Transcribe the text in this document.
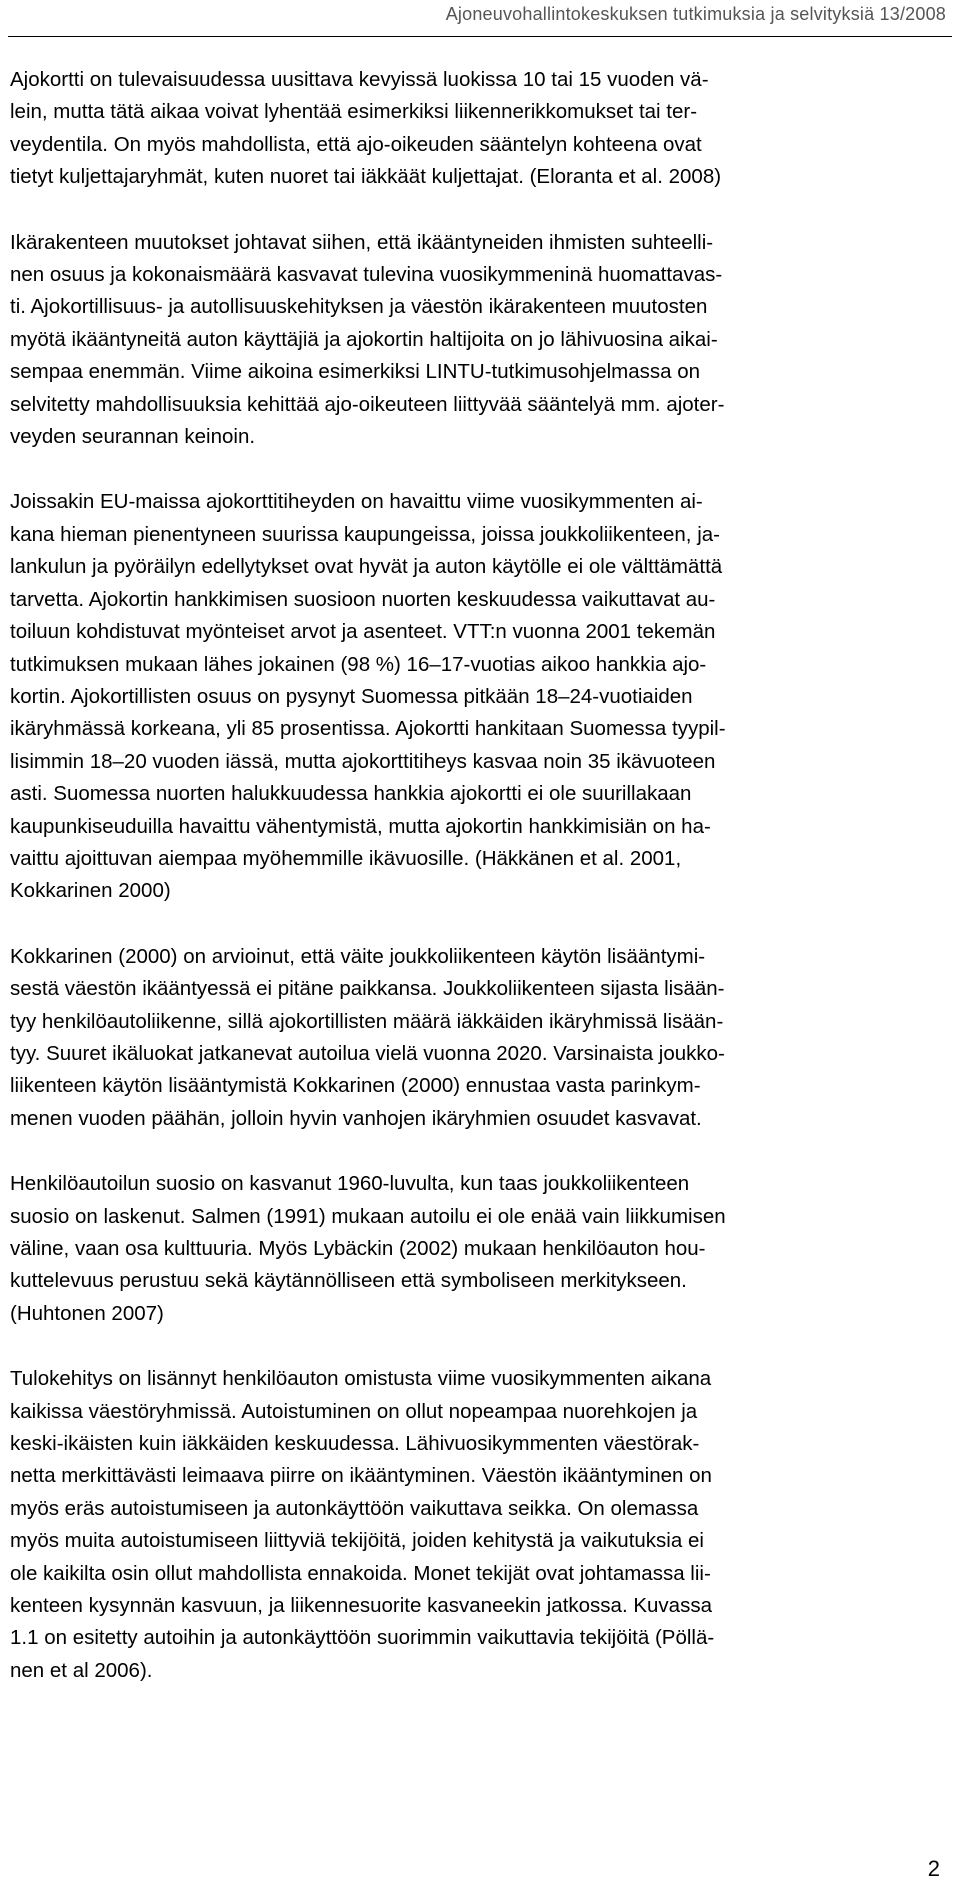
Ajoneuvohallintokeskuksen tutkimuksia ja selvityksiä 13/2008

Ajokortti on tulevaisuudessa uusittava kevyissä luokissa 10 tai 15 vuoden vä-
lein, mutta tätä aikaa voivat lyhentää esimerkiksi liikennerikkomukset tai ter-
veydentila. On myös mahdollista, että ajo-oikeuden sääntelyn kohteena ovat
tietyt kuljettajaryhmät, kuten nuoret tai iäkkäät kuljettajat. (Eloranta et al. 2008)

Ikärakenteen muutokset johtavat siihen, että ikääntyneiden ihmisten suhteelli-
nen osuus ja kokonaismäärä kasvavat tulevina vuosikymmeninä huomattavas-
ti. Ajokortillisuus- ja autollisuuskehityksen ja väestön ikärakenteen muutosten
myötä ikääntyneitä auton käyttäjiä ja ajokortin haltijoita on jo lähivuosina aikai-
sempaa enemmän. Viime aikoina esimerkiksi LINTU-tutkimusohjelmassa on
selvitetty mahdollisuuksia kehittää ajo-oikeuteen liittyvää sääntelyä mm. ajoter-
veyden seurannan keinoin.

Joissakin EU-maissa ajokorttitiheyden on havaittu viime vuosikymmenten ai-
kana hieman pienentyneen suurissa kaupungeissa, joissa joukkoliikenteen, ja-
lankulun ja pyöräilyn edellytykset ovat hyvät ja auton käytölle ei ole välttämättä
tarvetta. Ajokortin hankkimisen suosioon nuorten keskuudessa vaikuttavat au-
toiluun kohdistuvat myönteiset arvot ja asenteet. VTT:n vuonna 2001 tekemän
tutkimuksen mukaan lähes jokainen (98 %) 16–17-vuotias aikoo hankkia ajo-
kortin. Ajokortillisten osuus on pysynyt Suomessa pitkään 18–24-vuotiaiden
ikäryhmässä korkeana, yli 85 prosentissa. Ajokortti hankitaan Suomessa tyypil-
lisimmin 18–20 vuoden iässä, mutta ajokorttitiheys kasvaa noin 35 ikävuoteen
asti. Suomessa nuorten halukkuudessa hankkia ajokortti ei ole suurillakaan
kaupunkiseuduilla havaittu vähentymistä, mutta ajokortin hankkimisiän on ha-
vaittu ajoittuvan aiempaa myöhemmille ikävuosille. (Häkkänen et al. 2001,
Kokkarinen 2000)

Kokkarinen (2000) on arvioinut, että väite joukkoliikenteen käytön lisääntymi-
sestä väestön ikääntyessä ei pitäne paikkansa. Joukkoliikenteen sijasta lisään-
tyy henkilöautoliikenne, sillä ajokortillisten määrä iäkkäiden ikäryhmissä lisään-
tyy. Suuret ikäluokat jatkanevat autoilua vielä vuonna 2020. Varsinaista joukko-
liikenteen käytön lisääntymistä Kokkarinen (2000) ennustaa vasta parinkym-
menen vuoden päähän, jolloin hyvin vanhojen ikäryhmien osuudet kasvavat.

Henkilöautoilun suosio on kasvanut 1960-luvulta, kun taas joukkoliikenteen
suosio on laskenut. Salmen (1991) mukaan autoilu ei ole enää vain liikkumisen
väline, vaan osa kulttuuria. Myös Lybäckin (2002) mukaan henkilöauton hou-
kuttelevuus perustuu sekä käytännölliseen että symboliseen merkitykseen.
(Huhtonen 2007)

Tulokehitys on lisännyt henkilöauton omistusta viime vuosikymmenten aikana
kaikissa väestöryhmissä. Autoistuminen on ollut nopeampaa nuorehkojen ja
keski-ikäisten kuin iäkkäiden keskuudessa. Lähivuosikymmenten väestörak-
netta merkittävästi leimaava piirre on ikääntyminen. Väestön ikääntyminen on
myös eräs autoistumiseen ja autonkäyttöön vaikuttava seikka. On olemassa
myös muita autoistumiseen liittyviä tekijöitä, joiden kehitystä ja vaikutuksia ei
ole kaikilta osin ollut mahdollista ennakoida. Monet tekijät ovat johtamassa lii-
kenteen kysynnän kasvuun, ja liikennesuorite kasvaneekin jatkossa. Kuvassa
1.1 on esitetty autoihin ja autonkäyttöön suorimmin vaikuttavia tekijöitä (Pöllä-
nen et al 2006).

2
